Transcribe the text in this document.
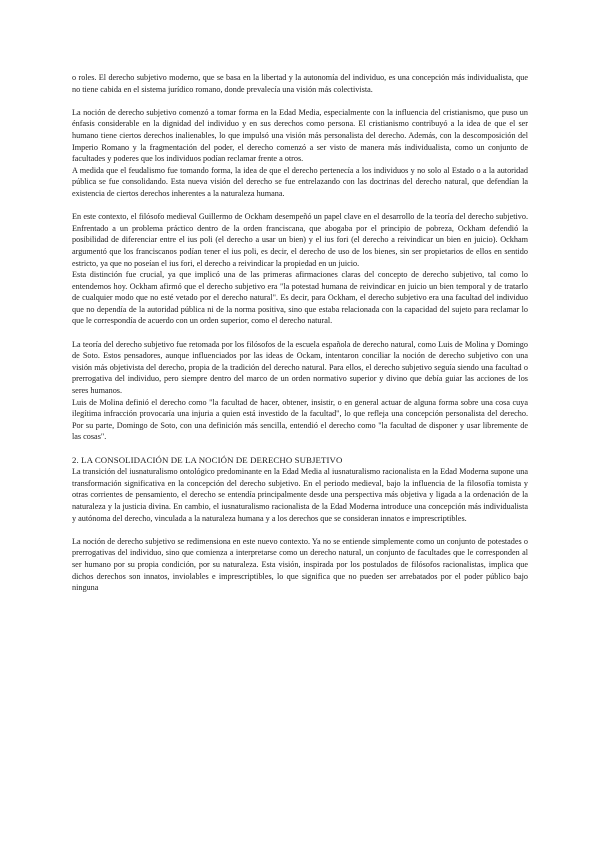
o roles. El derecho subjetivo moderno, que se basa en la libertad y la autonomía del individuo, es una concepción más individualista, que no tiene cabida en el sistema jurídico romano, donde prevalecía una visión más colectivista.

La noción de derecho subjetivo comenzó a tomar forma en la Edad Media, especialmente con la influencia del cristianismo, que puso un énfasis considerable en la dignidad del individuo y en sus derechos como persona. El cristianismo contribuyó a la idea de que el ser humano tiene ciertos derechos inalienables, lo que impulsó una visión más personalista del derecho. Además, con la descomposición del Imperio Romano y la fragmentación del poder, el derecho comenzó a ser visto de manera más individualista, como un conjunto de facultades y poderes que los individuos podían reclamar frente a otros.

A medida que el feudalismo fue tomando forma, la idea de que el derecho pertenecía a los individuos y no solo al Estado o a la autoridad pública se fue consolidando. Esta nueva visión del derecho se fue entrelazando con las doctrinas del derecho natural, que defendían la existencia de ciertos derechos inherentes a la naturaleza humana.

En este contexto, el filósofo medieval Guillermo de Ockham desempeñó un papel clave en el desarrollo de la teoría del derecho subjetivo. Enfrentado a un problema práctico dentro de la orden franciscana, que abogaba por el principio de pobreza, Ockham defendió la posibilidad de diferenciar entre el ius poli (el derecho a usar un bien) y el ius fori (el derecho a reivindicar un bien en juicio). Ockham argumentó que los franciscanos podían tener el ius poli, es decir, el derecho de uso de los bienes, sin ser propietarios de ellos en sentido estricto, ya que no poseían el ius fori, el derecho a reivindicar la propiedad en un juicio.

Esta distinción fue crucial, ya que implicó una de las primeras afirmaciones claras del concepto de derecho subjetivo, tal como lo entendemos hoy. Ockham afirmó que el derecho subjetivo era "la potestad humana de reivindicar en juicio un bien temporal y de tratarlo de cualquier modo que no esté vetado por el derecho natural". Es decir, para Ockham, el derecho subjetivo era una facultad del individuo que no dependía de la autoridad pública ni de la norma positiva, sino que estaba relacionada con la capacidad del sujeto para reclamar lo que le correspondía de acuerdo con un orden superior, como el derecho natural.

La teoría del derecho subjetivo fue retomada por los filósofos de la escuela española de derecho natural, como Luis de Molina y Domingo de Soto. Estos pensadores, aunque influenciados por las ideas de Ockam, intentaron conciliar la noción de derecho subjetivo con una visión más objetivista del derecho, propia de la tradición del derecho natural. Para ellos, el derecho subjetivo seguía siendo una facultad o prerrogativa del individuo, pero siempre dentro del marco de un orden normativo superior y divino que debía guiar las acciones de los seres humanos.

Luis de Molina definió el derecho como "la facultad de hacer, obtener, insistir, o en general actuar de alguna forma sobre una cosa cuya ilegítima infracción provocaría una injuria a quien está investido de la facultad", lo que refleja una concepción personalista del derecho. Por su parte, Domingo de Soto, con una definición más sencilla, entendió el derecho como "la facultad de disponer y usar libremente de las cosas".

2. LA CONSOLIDACIÓN DE LA NOCIÓN DE DERECHO SUBJETIVO

La transición del iusnaturalismo ontológico predominante en la Edad Media al iusnaturalismo racionalista en la Edad Moderna supone una transformación significativa en la concepción del derecho subjetivo. En el periodo medieval, bajo la influencia de la filosofía tomista y otras corrientes de pensamiento, el derecho se entendía principalmente desde una perspectiva más objetiva y ligada a la ordenación de la naturaleza y la justicia divina. En cambio, el iusnaturalismo racionalista de la Edad Moderna introduce una concepción más individualista y autónoma del derecho, vinculada a la naturaleza humana y a los derechos que se consideran innatos e imprescriptibles.

La noción de derecho subjetivo se redimensiona en este nuevo contexto. Ya no se entiende simplemente como un conjunto de potestades o prerrogativas del individuo, sino que comienza a interpretarse como un derecho natural, un conjunto de facultades que le corresponden al ser humano por su propia condición, por su naturaleza. Esta visión, inspirada por los postulados de filósofos racionalistas, implica que dichos derechos son innatos, inviolables e imprescriptibles, lo que significa que no pueden ser arrebatados por el poder público bajo ninguna
